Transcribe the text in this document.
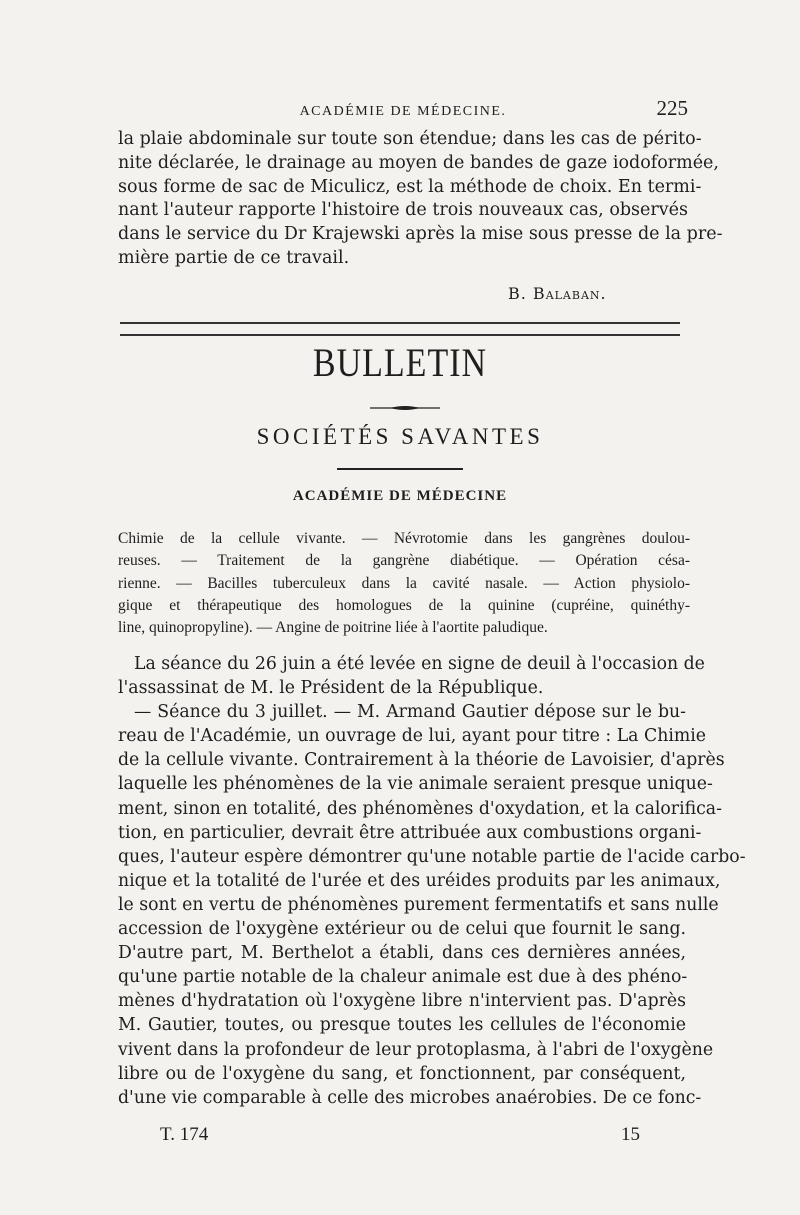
ACADÉMIE DE MÉDECINE.	225
la plaie abdominale sur toute son étendue; dans les cas de périto-
nite déclarée, le drainage au moyen de bandes de gaze iodoformée,
sous forme de sac de Miculicz, est la méthode de choix. En termi-
nant l'auteur rapporte l'histoire de trois nouveaux cas, observés
dans le service du Dr Krajewski après la mise sous presse de la pre-
mière partie de ce travail.
B. Balaban.
BULLETIN
SOCIÉTÉS SAVANTES
ACADÉMIE DE MÉDECINE
Chimie de la cellule vivante. — Névrotomie dans les gangrènes doulou-
reuses. — Traitement de la gangrène diabétique. — Opération césa-
rienne. — Bacilles tuberculeux dans la cavité nasale. — Action physiolo-
gique et thérapeutique des homologues de la quinine (cupréine, quinéthy-
line, quinopropyline). — Angine de poitrine liée à l'aortite paludique.
La séance du 26 juin a été levée en signe de deuil à l'occasion de
l'assassinat de M. le Président de la République.
— Séance du 3 juillet. — M. Armand Gautier dépose sur le bu-
reau de l'Académie, un ouvrage de lui, ayant pour titre : La Chimie
de la cellule vivante. Contrairement à la théorie de Lavoisier, d'après
laquelle les phénomènes de la vie animale seraient presque unique-
ment, sinon en totalité, des phénomènes d'oxydation, et la calorifica-
tion, en particulier, devrait être attribuée aux combustions organi-
ques, l'auteur espère démontrer qu'une notable partie de l'acide carbo-
nique et la totalité de l'urée et des uréides produits par les animaux,
le sont en vertu de phénomènes purement fermentatifs et sans nulle
accession de l'oxygène extérieur ou de celui que fournit le sang.
D'autre part, M. Berthelot a établi, dans ces dernières années,
qu'une partie notable de la chaleur animale est due à des phéno-
mènes d'hydratation où l'oxygène libre n'intervient pas. D'après
M. Gautier, toutes, ou presque toutes les cellules de l'économie
vivent dans la profondeur de leur protoplasma, à l'abri de l'oxygène
libre ou de l'oxygène du sang, et fonctionnent, par conséquent,
d'une vie comparable à celle des microbes anaérobies. De ce fonc-
T. 174	15
